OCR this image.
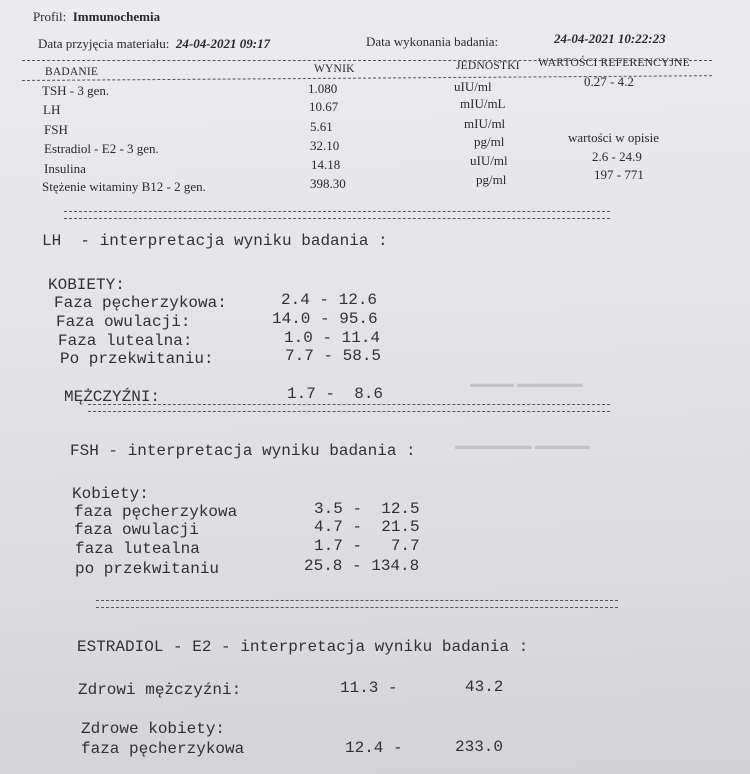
▬▬▬▬ ▬▬▬▬▬▬
▬▬▬▬▬▬▬ ▬▬▬▬▬
Profil: Immunochemia
Data przyjęcia materiału: 24-04-2021 09:17	Data wykonania badania:	24-04-2021 10:22:23
BADANIE	WYNIK	JEDNOSTKI WARTOŚCI REFERENCYJNE
TSH - 3 gen.	1.080	uIU/ml	0.27 - 4.2
LH	10.67	mIU/mL
FSH	5.61	mIU/ml
Estradiol - E2 - 3 gen.	32.10	pg/ml	wartości w opisie
Insulina	14.18	uIU/ml	2.6 - 24.9
Stężenie witaminy B12 - 2 gen.	398.30	pg/ml	197 - 771
LH  - interpretacja wyniku badania :
KOBIETY:
Faza pęcherzykowa:	2.4 - 12.6
Faza owulacji:	14.0 - 95.6
Faza lutealna:	1.0 - 11.4
Po przekwitaniu:	7.7 - 58.5
MĘŻCZYŹNI:	1.7 -  8.6
FSH - interpretacja wyniku badania :
Kobiety:
faza pęcherzykowa	3.5 -  12.5
faza owulacji	4.7 -  21.5
faza lutealna	1.7 -   7.7
po przekwitaniu	25.8 - 134.8
ESTRADIOL - E2 - interpretacja wyniku badania :
Zdrowi mężczyźni:	11.3 -	43.2
Zdrowe kobiety:
faza pęcherzykowa	12.4 -	233.0
